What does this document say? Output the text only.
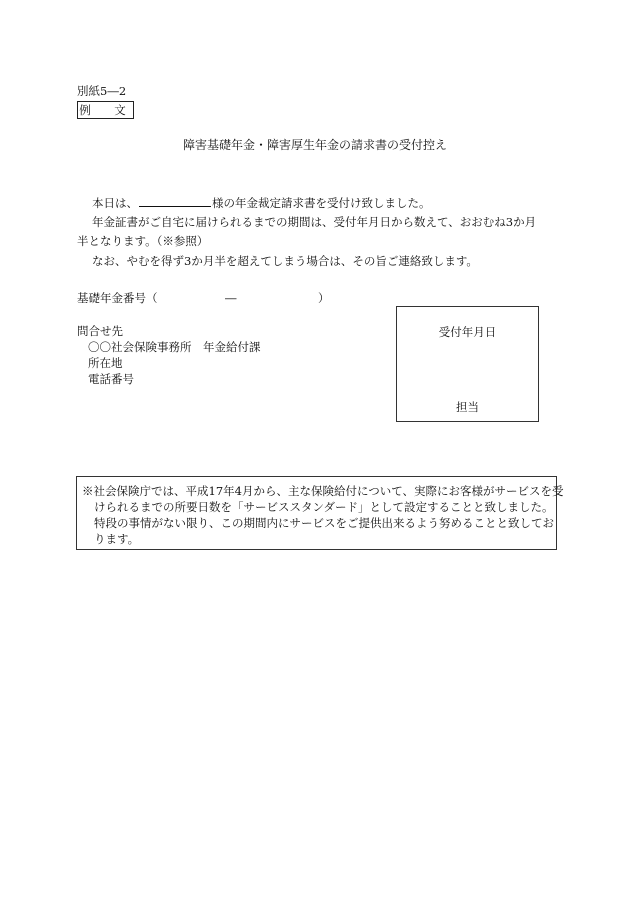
別紙5―2
例　文
障害基礎年金・障害厚生年金の請求書の受付控え
本日は、	様の年金裁定請求書を受付け致しました。
年金証書がご自宅に届けられるまでの期間は、受付年月日から数えて、おおむね3か月
半となります。（※参照）
なお、やむを得ず3か月半を超えてしまう場合は、その旨ご連絡致します。
基礎年金番号（	―	）
問合せ先
〇〇社会保険事務所　年金給付課
所在地
電話番号
受付年月日
担当
※社会保険庁では、平成17年4月から、主な保険給付について、実際にお客様がサービスを受けられるまでの所要日数を「サービススタンダード」として設定することと致しました。特段の事情がない限り、この期間内にサービスをご提供出来るよう努めることと致しております。
